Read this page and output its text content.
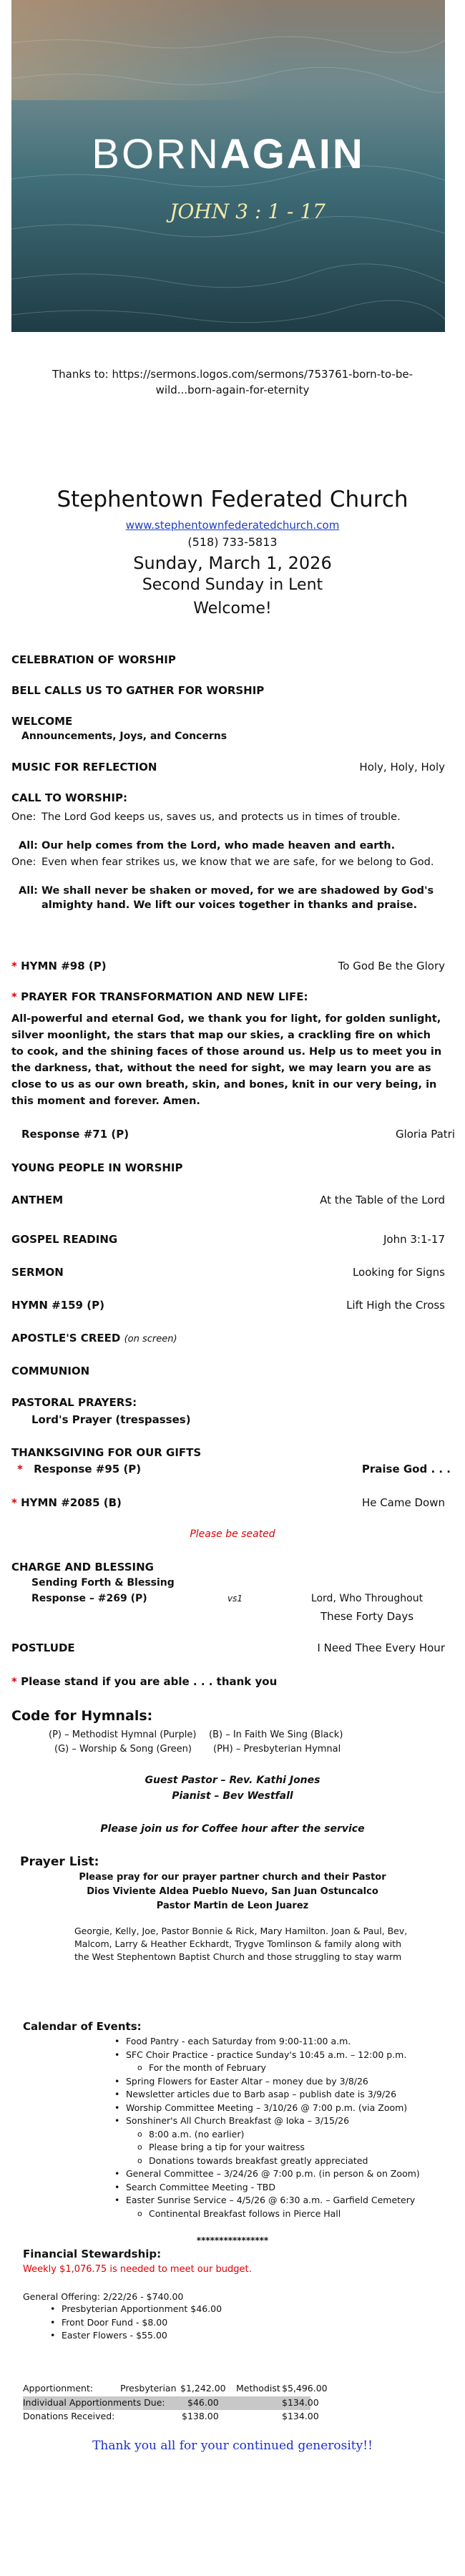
BORNAGAIN
JOHN 3 : 1 - 17
Thanks to: https://sermons.logos.com/sermons/753761-born-to-be-wild...born-again-for-eternity
Stephentown Federated Church
www.stephentownfederatedchurch.com
(518) 733-5813
Sunday, March 1, 2026
Second Sunday in Lent
Welcome!
CELEBRATION OF WORSHIP
BELL CALLS US TO GATHER FOR WORSHIP
WELCOME
Announcements, Joys, and Concerns
MUSIC FOR REFLECTION	Holy, Holy, Holy
CALL TO WORSHIP:
One: The Lord God keeps us, saves us, and protects us in times of trouble.
All: Our help comes from the Lord, who made heaven and earth.
One: Even when fear strikes us, we know that we are safe, for we belong to God.
All: We shall never be shaken or moved, for we are shadowed by God's almighty hand. We lift our voices together in thanks and praise.
* HYMN #98 (P)	To God Be the Glory
* PRAYER FOR TRANSFORMATION AND NEW LIFE:
All-powerful and eternal God, we thank you for light, for golden sunlight, silver moonlight, the stars that map our skies, a crackling fire on which to cook, and the shining faces of those around us. Help us to meet you in the darkness, that, without the need for sight, we may learn you are as close to us as our own breath, skin, and bones, knit in our very being, in this moment and forever. Amen.
Response #71 (P)	Gloria Patri
YOUNG PEOPLE IN WORSHIP
ANTHEM	At the Table of the Lord
GOSPEL READING	John 3:1-17
SERMON	Looking for Signs
HYMN #159 (P)	Lift High the Cross
APOSTLE'S CREED (on screen)
COMMUNION
PASTORAL PRAYERS:
Lord's Prayer (trespasses)
THANKSGIVING FOR OUR GIFTS
* Response #95 (P)	Praise God . . .
* HYMN #2085 (B)	He Came Down
Please be seated
CHARGE AND BLESSING
Sending Forth & Blessing
Response – #269 (P)	vs1	Lord, Who Throughout
These Forty Days
POSTLUDE	I Need Thee Every Hour
* Please stand if you are able . . . thank you
Code for Hymnals:
(P) – Methodist Hymnal (Purple) (B) – In Faith We Sing (Black)
(G) – Worship & Song (Green) (PH) – Presbyterian Hymnal
Guest Pastor – Rev. Kathi Jones
Pianist – Bev Westfall
Please join us for Coffee hour after the service
Prayer List:
Please pray for our prayer partner church and their Pastor
Dios Viviente Aldea Pueblo Nuevo, San Juan Ostuncalco
Pastor Martin de Leon Juarez
Georgie, Kelly, Joe, Pastor Bonnie & Rick, Mary Hamilton. Joan & Paul, Bev, Malcom, Larry & Heather Eckhardt, Trygve Tomlinson & family along with the West Stephentown Baptist Church and those struggling to stay warm
Calendar of Events:
• Food Pantry - each Saturday from 9:00-11:00 a.m.
• SFC Choir Practice - practice Sunday's 10:45 a.m. – 12:00 p.m.
o For the month of February
• Spring Flowers for Easter Altar – money due by 3/8/26
• Newsletter articles due to Barb asap – publish date is 3/9/26
• Worship Committee Meeting – 3/10/26 @ 7:00 p.m. (via Zoom)
• Sonshiner's All Church Breakfast @ Ioka – 3/15/26
o 8:00 a.m. (no earlier)
o Please bring a tip for your waitress
o Donations towards breakfast greatly appreciated
• General Committee – 3/24/26 @ 7:00 p.m. (in person & on Zoom)
• Search Committee Meeting - TBD
• Easter Sunrise Service – 4/5/26 @ 6:30 a.m. – Garfield Cemetery
o Continental Breakfast follows in Pierce Hall
****************
Financial Stewardship:
Weekly $1,076.75 is needed to meet our budget.
General Offering: 2/22/26 - $740.00
• Presbyterian Apportionment $46.00
• Front Door Fund - $8.00
• Easter Flowers - $55.00
Apportionment:	Presbyterian $1,242.00 Methodist $5,496.00
Individual Apportionments Due:	$46.00	$134.00
Donations Received:	$138.00	$134.00
Thank you all for your continued generosity!!
